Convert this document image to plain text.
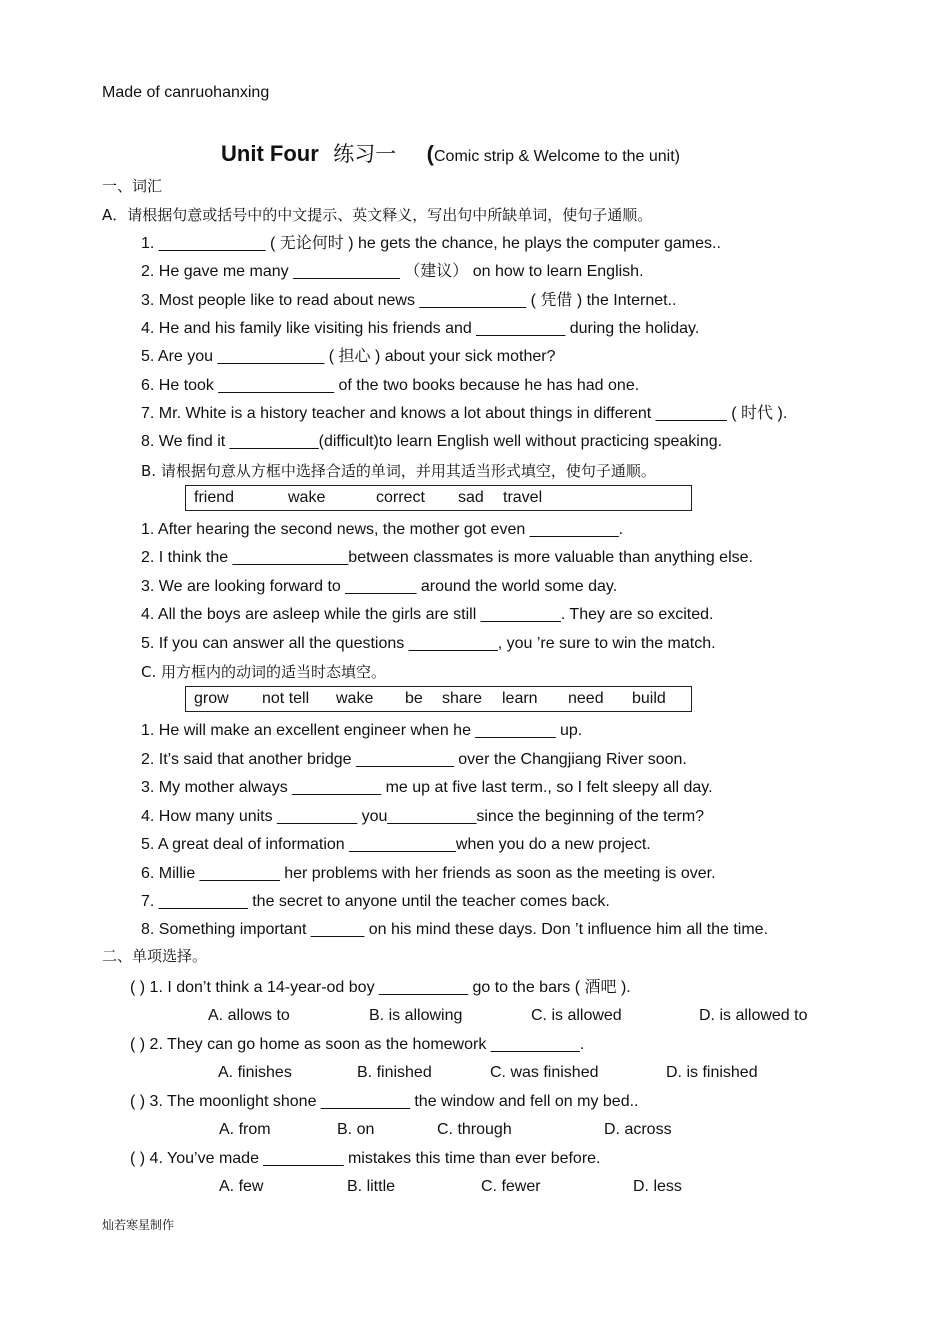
Made of canruohanxing
Unit Four 练习一 (Comic strip & Welcome to the unit)
一、词汇
A．请根据句意或括号中的中文提示、英文释义，写出句中所缺单词，使句子通顺。
1. ____________ ( 无论何时 ) he gets the chance, he plays the computer games..
2. He gave me many ____________ （建议） on how to learn English.
3. Most people like to read about news ____________ ( 凭借 ) the Internet..
4. He and his family like visiting his friends and __________ during the holiday.
5. Are you ____________ ( 担心 ) about your sick mother?
6. He took _____________ of the two books because he has had one.
7. Mr. White is a history teacher and knows a lot about things in different ________ ( 时代 ).
8. We find it __________(difficult)to learn English well without practicing speaking.
B. 请根据句意从方框中选择合适的单词，并用其适当形式填空，使句子通顺。
friend	wake	correct sad travel
1. After hearing the second news, the mother got even __________.
2. I think the _____________between classmates is more valuable than anything else.
3. We are looking forward to ________ around the world some day.
4. All the boys are asleep while the girls are still _________. They are so excited.
5. If you can answer all the questions __________, you ’re sure to win the match.
C. 用方框内的动词的适当时态填空。
grow not tell wake be share learn need build
1. He will make an excellent engineer when he _________ up.
2. It’s said that another bridge ___________ over the Changjiang River soon.
3. My mother always __________ me up at five last term., so I felt sleepy all day.
4. How many units _________ you__________since the beginning of the term?
5. A great deal of information ____________when you do a new project.
6. Millie _________ her problems with her friends as soon as the meeting is over.
7. __________ the secret to anyone until the teacher comes back.
8. Something important ______ on his mind these days. Don ’t influence him all the time.
二、单项选择。
( ) 1. I don’t think a 14-year-od boy __________ go to the bars ( 酒吧 ).
A. allows to	B. is allowing	C. is allowed	D. is allowed to
( ) 2. They can go home as soon as the homework __________.
A. finishes	B. finished	C. was finished	D. is finished
( ) 3. The moonlight shone __________ the window and fell on my bed..
A. from	B. on	C. through	D. across
( ) 4. You’ve made _________ mistakes this time than ever before.
A. few	B. little	C. fewer	D. less
灿若寒星制作
